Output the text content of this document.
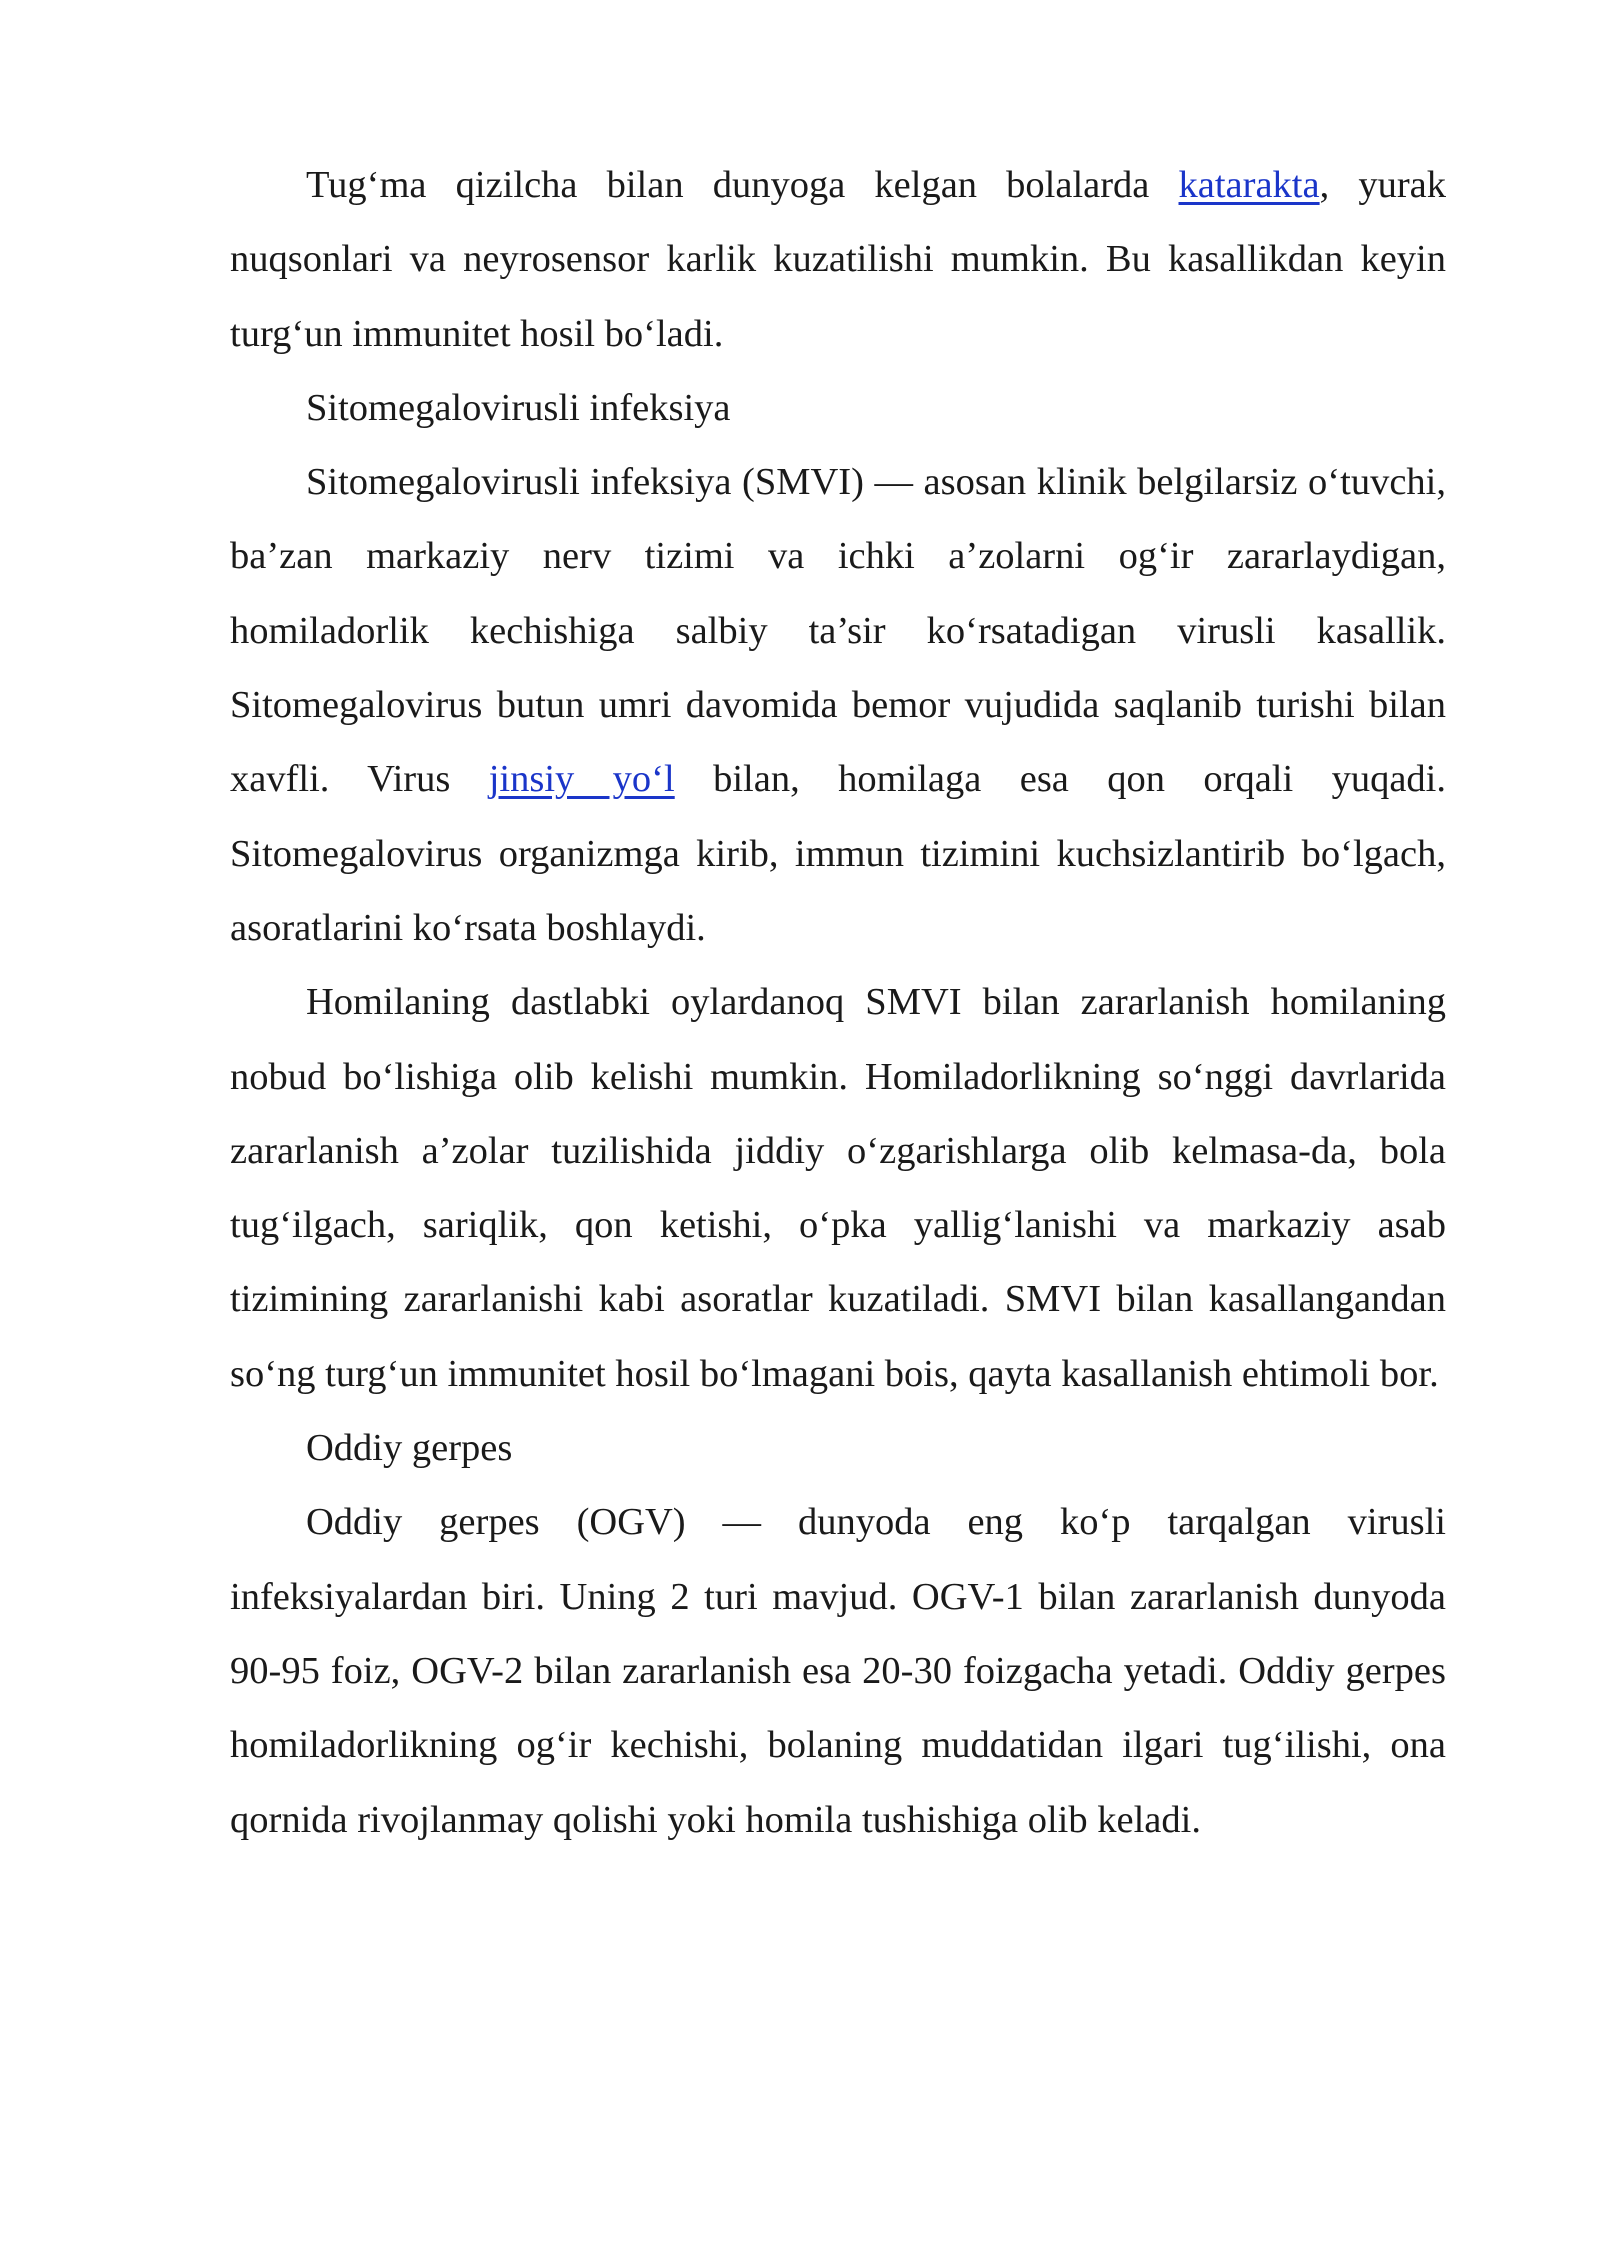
Tug‘ma qizilcha bilan dunyoga kelgan bolalarda katarakta, yurak nuqsonlari va neyrosensor karlik kuzatilishi mumkin. Bu kasallikdan keyin turg‘un immunitet hosil bo‘ladi.

Sitomegalovirusli infeksiya

Sitomegalovirusli infeksiya (SMVI) — asosan klinik belgilarsiz o‘tuvchi, ba’zan markaziy nerv tizimi va ichki a’zolarni og‘ir zararlaydigan, homiladorlik kechishiga salbiy ta’sir ko‘rsatadigan virusli kasallik. Sitomegalovirus butun umri davomida bemor vujudida saqlanib turishi bilan xavfli. Virus jinsiy yo‘l bilan, homilaga esa qon orqali yuqadi. Sitomegalovirus organizmga kirib, immun tizimini kuchsizlantirib bo‘lgach, asoratlarini ko‘rsata boshlaydi.

Homilaning dastlabki oylardanoq SMVI bilan zararlanish homilaning nobud bo‘lishiga olib kelishi mumkin. Homiladorlikning so‘nggi davrlarida zararlanish a’zolar tuzilishida jiddiy o‘zgarishlarga olib kelmasa-da, bola tug‘ilgach, sariqlik, qon ketishi, o‘pka yallig‘lanishi va markaziy asab tizimining zararlanishi kabi asoratlar kuzatiladi. SMVI bilan kasallangandan so‘ng turg‘un immunitet hosil bo‘lmagani bois, qayta kasallanish ehtimoli bor.

Oddiy gerpes

Oddiy gerpes (OGV) — dunyoda eng ko‘p tarqalgan virusli infeksiyalardan biri. Uning 2 turi mavjud. OGV-1 bilan zararlanish dunyoda 90-95 foiz, OGV-2 bilan zararlanish esa 20-30 foizgacha yetadi. Oddiy gerpes homiladorlikning og‘ir kechishi, bolaning muddatidan ilgari tug‘ilishi, ona qornida rivojlanmay qolishi yoki homila tushishiga olib keladi.
